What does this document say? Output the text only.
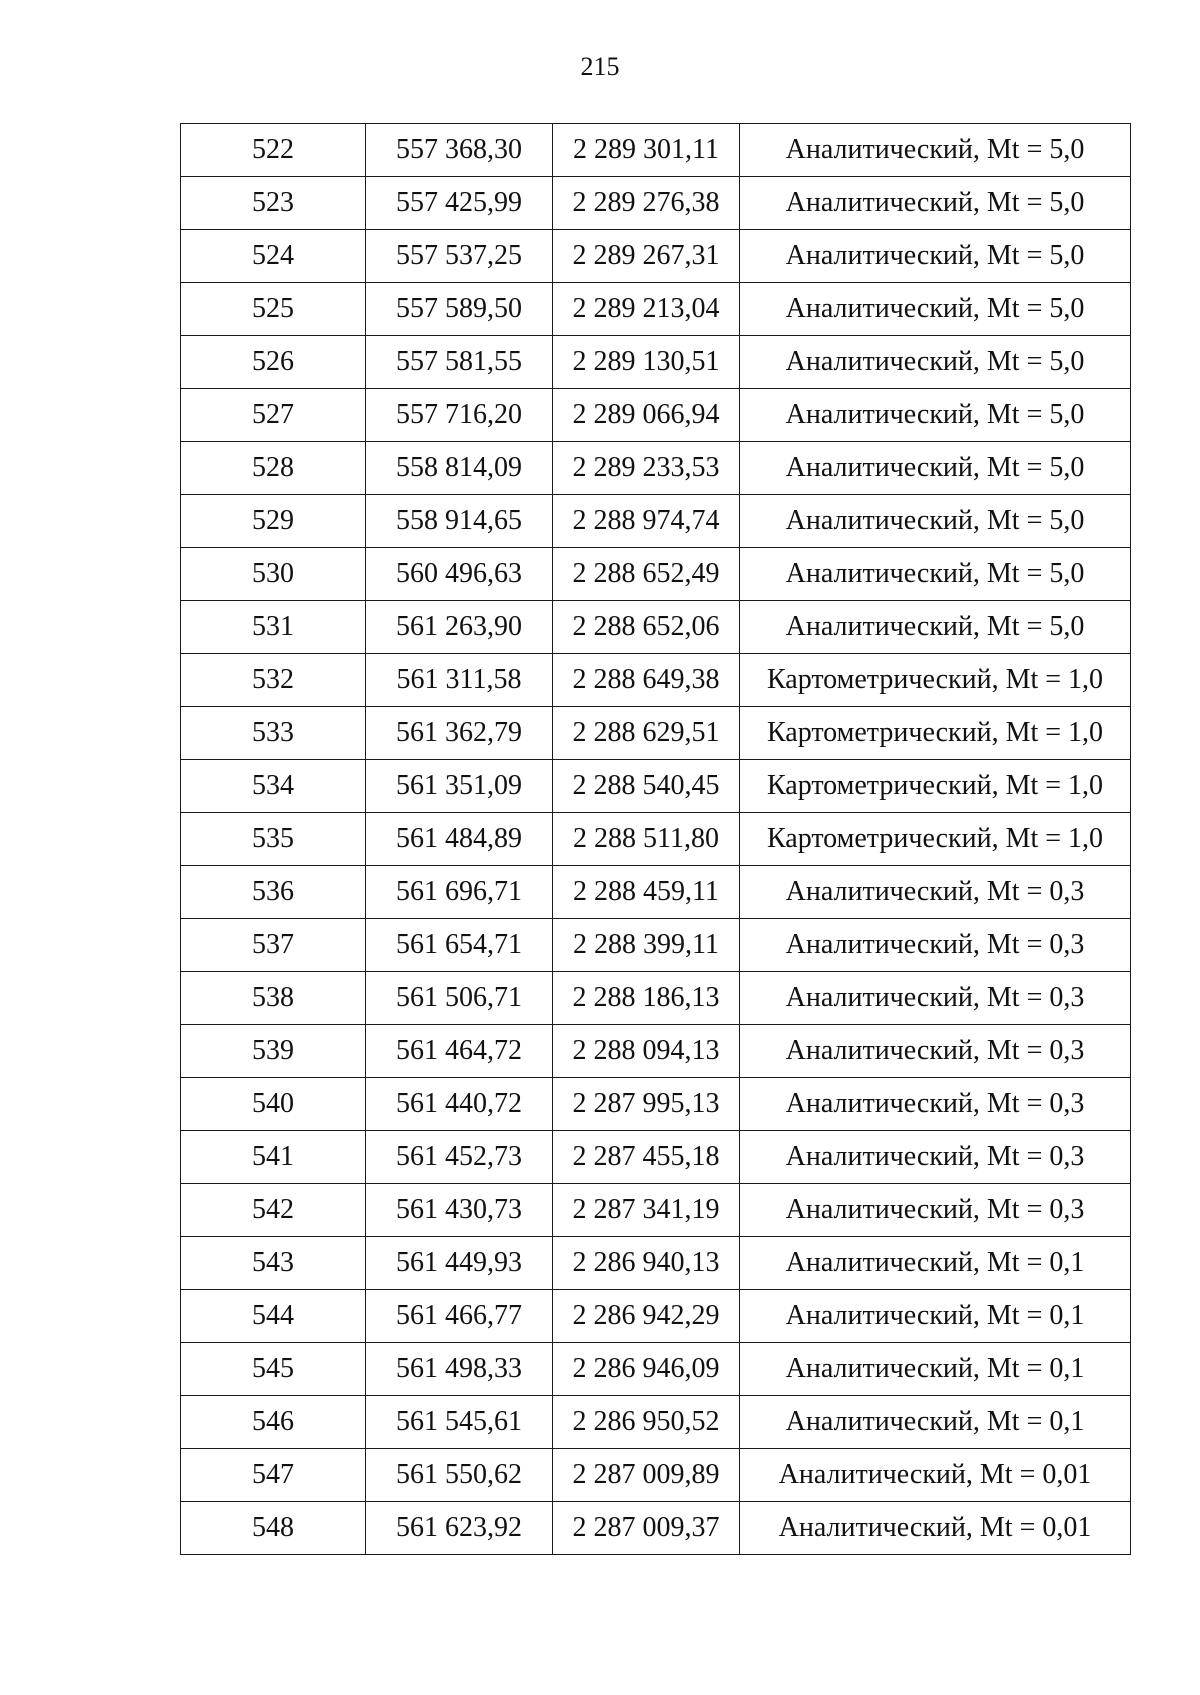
215
522	557 368,30	2 289 301,11	Аналитический, Mt = 5,0
523	557 425,99	2 289 276,38	Аналитический, Mt = 5,0
524	557 537,25	2 289 267,31	Аналитический, Mt = 5,0
525	557 589,50	2 289 213,04	Аналитический, Mt = 5,0
526	557 581,55	2 289 130,51	Аналитический, Mt = 5,0
527	557 716,20	2 289 066,94	Аналитический, Mt = 5,0
528	558 814,09	2 289 233,53	Аналитический, Mt = 5,0
529	558 914,65	2 288 974,74	Аналитический, Mt = 5,0
530	560 496,63	2 288 652,49	Аналитический, Mt = 5,0
531	561 263,90	2 288 652,06	Аналитический, Mt = 5,0
532	561 311,58	2 288 649,38	Картометрический, Mt = 1,0
533	561 362,79	2 288 629,51	Картометрический, Mt = 1,0
534	561 351,09	2 288 540,45	Картометрический, Mt = 1,0
535	561 484,89	2 288 511,80	Картометрический, Mt = 1,0
536	561 696,71	2 288 459,11	Аналитический, Mt = 0,3
537	561 654,71	2 288 399,11	Аналитический, Mt = 0,3
538	561 506,71	2 288 186,13	Аналитический, Mt = 0,3
539	561 464,72	2 288 094,13	Аналитический, Mt = 0,3
540	561 440,72	2 287 995,13	Аналитический, Mt = 0,3
541	561 452,73	2 287 455,18	Аналитический, Mt = 0,3
542	561 430,73	2 287 341,19	Аналитический, Mt = 0,3
543	561 449,93	2 286 940,13	Аналитический, Mt = 0,1
544	561 466,77	2 286 942,29	Аналитический, Mt = 0,1
545	561 498,33	2 286 946,09	Аналитический, Mt = 0,1
546	561 545,61	2 286 950,52	Аналитический, Mt = 0,1
547	561 550,62	2 287 009,89	Аналитический, Mt = 0,01
548	561 623,92	2 287 009,37	Аналитический, Mt = 0,01
